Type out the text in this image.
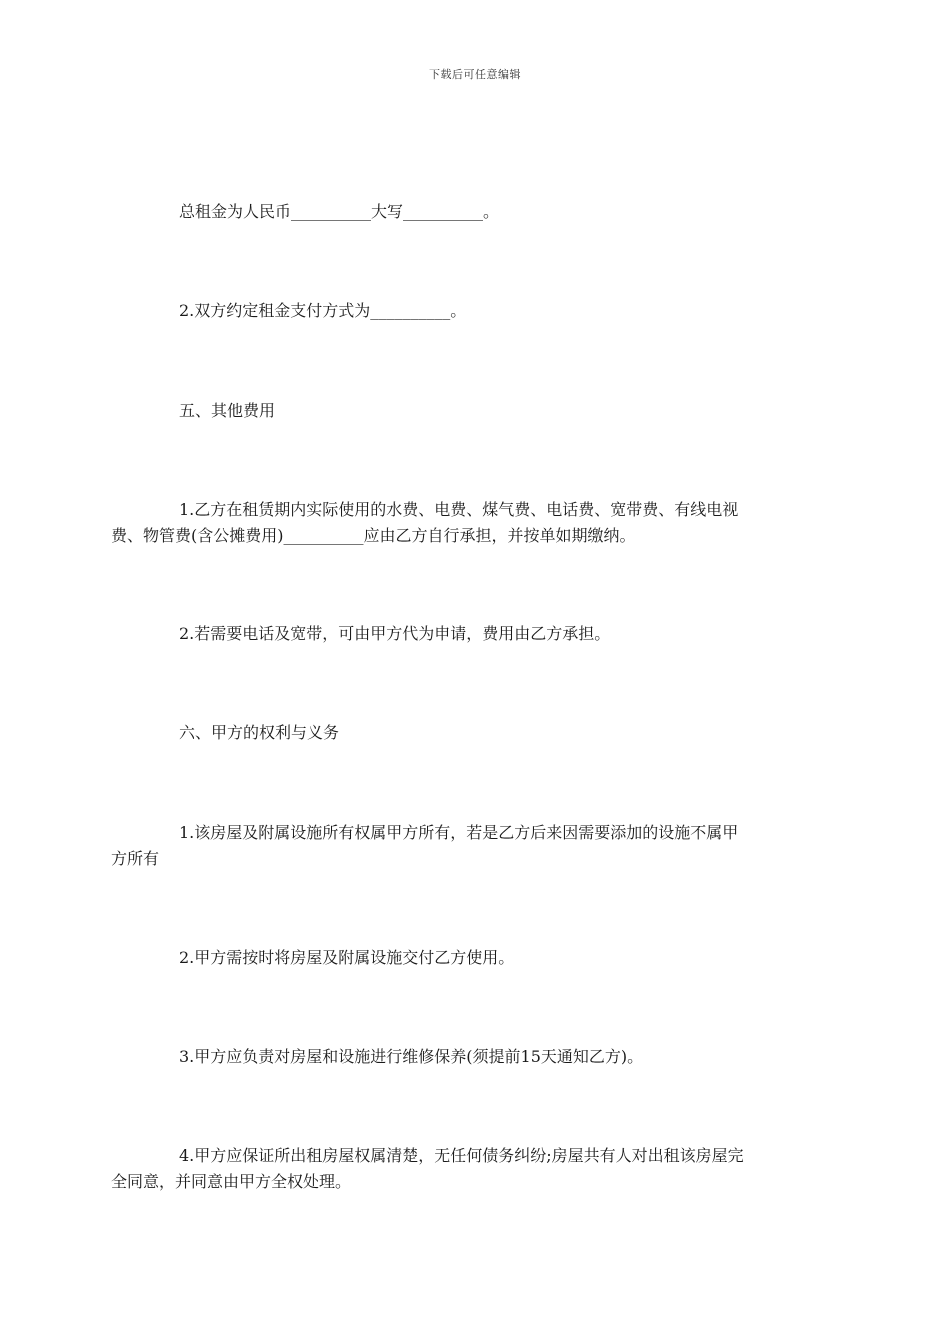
下载后可任意编辑

总租金为人民币__________大写__________。

2.双方约定租金支付方式为__________。

五、其他费用

1.乙方在租赁期内实际使用的水费、电费、煤气费、电话费、宽带费、有线电视
费、物管费(含公摊费用)__________应由乙方自行承担，并按单如期缴纳。

2.若需要电话及宽带，可由甲方代为申请，费用由乙方承担。

六、甲方的权利与义务

1.该房屋及附属设施所有权属甲方所有，若是乙方后来因需要添加的设施不属甲
方所有

2.甲方需按时将房屋及附属设施交付乙方使用。

3.甲方应负责对房屋和设施进行维修保养(须提前15天通知乙方)。

4.甲方应保证所出租房屋权属清楚，无任何债务纠纷;房屋共有人对出租该房屋完
全同意，并同意由甲方全权处理。
